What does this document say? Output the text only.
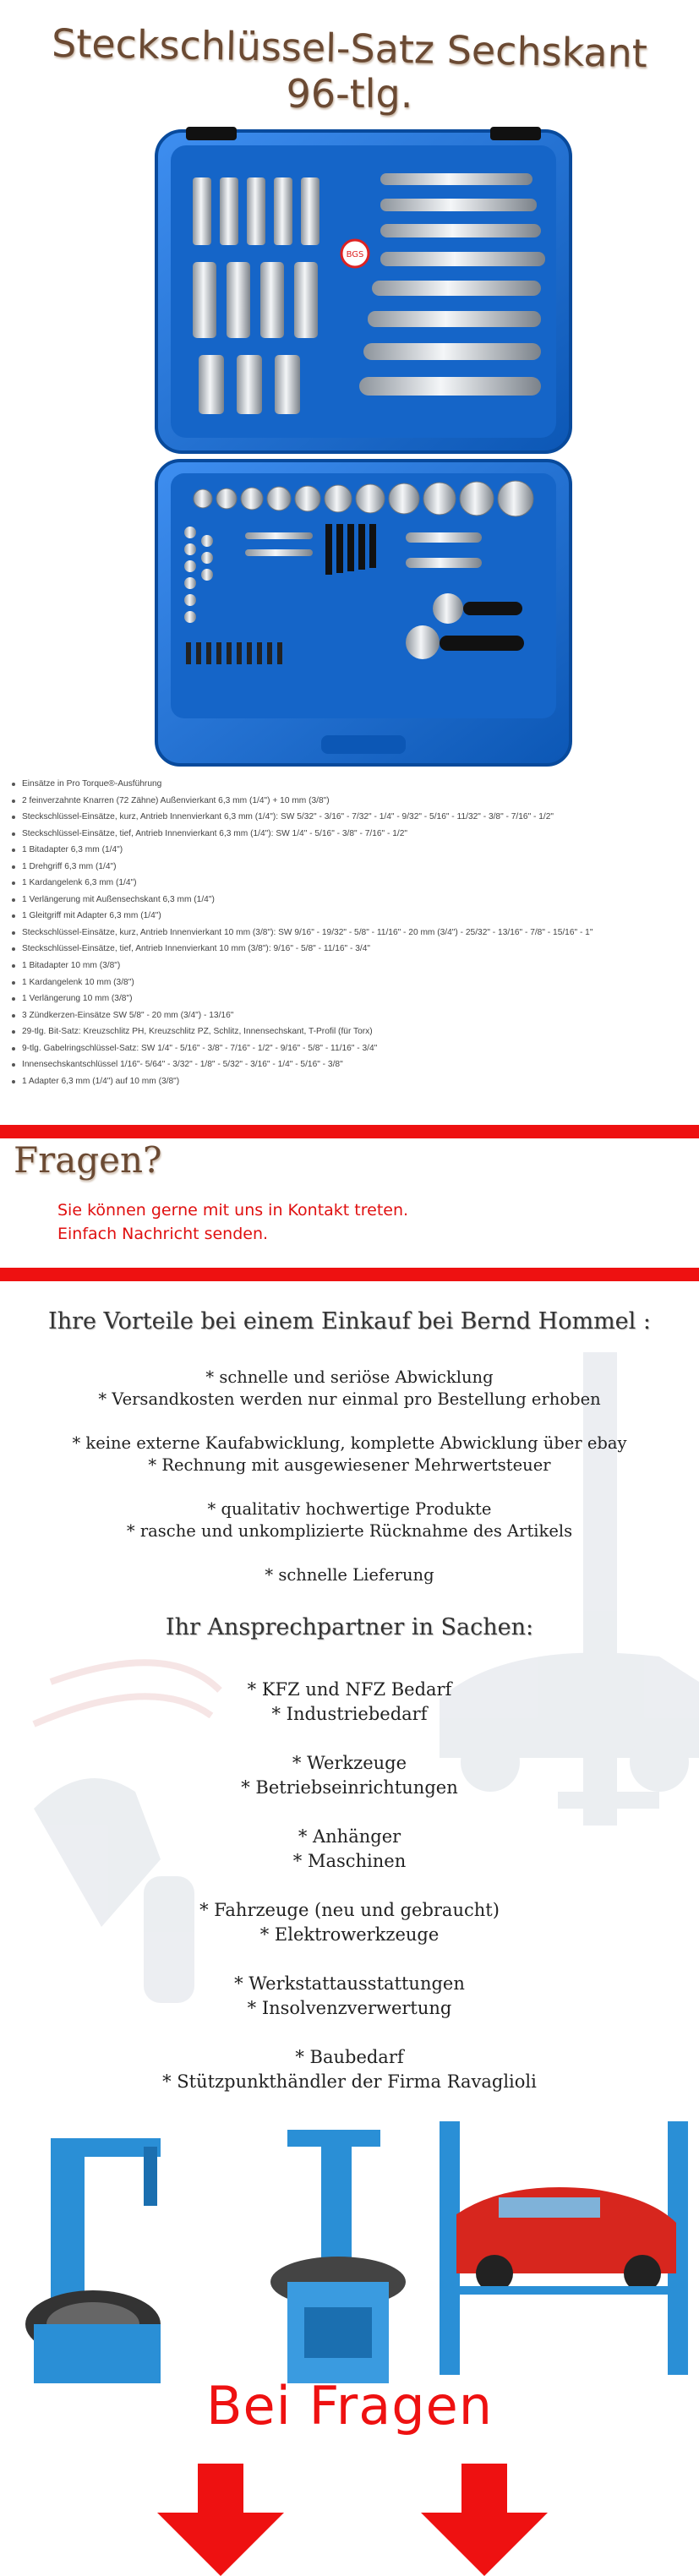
Steckschlüssel-Satz Sechskant
96-tlg.
BGS
Einsätze in Pro Torque®-Ausführung
2 feinverzahnte Knarren (72 Zähne) Außenvierkant 6,3 mm (1/4") + 10 mm (3/8")
Steckschlüssel-Einsätze, kurz, Antrieb Innenvierkant 6,3 mm (1/4"): SW 5/32" - 3/16" - 7/32" - 1/4" - 9/32" - 5/16" - 11/32" - 3/8" - 7/16" - 1/2"
Steckschlüssel-Einsätze, tief, Antrieb Innenvierkant 6,3 mm (1/4"): SW 1/4" - 5/16" - 3/8" - 7/16" - 1/2"
1 Bitadapter 6,3 mm (1/4")
1 Drehgriff 6,3 mm (1/4")
1 Kardangelenk 6,3 mm (1/4")
1 Verlängerung mit Außensechskant 6,3 mm (1/4")
1 Gleitgriff mit Adapter 6,3 mm (1/4")
Steckschlüssel-Einsätze, kurz, Antrieb Innenvierkant 10 mm (3/8"): SW 9/16" - 19/32" - 5/8" - 11/16" - 20 mm (3/4") - 25/32" - 13/16" - 7/8" - 15/16" - 1"
Steckschlüssel-Einsätze, tief, Antrieb Innenvierkant 10 mm (3/8"): 9/16" - 5/8" - 11/16" - 3/4"
1 Bitadapter 10 mm (3/8")
1 Kardangelenk 10 mm (3/8")
1 Verlängerung 10 mm (3/8")
3 Zündkerzen-Einsätze SW 5/8" - 20 mm (3/4") - 13/16"
29-tlg. Bit-Satz: Kreuzschlitz PH, Kreuzschlitz PZ, Schlitz, Innensechskant, T-Profil (für Torx)
9-tlg. Gabelringschlüssel-Satz: SW 1/4" - 5/16" - 3/8" - 7/16" - 1/2" - 9/16" - 5/8" - 11/16" - 3/4"
Innensechskantschlüssel 1/16"- 5/64" - 3/32" - 1/8" - 5/32" - 3/16" - 1/4" - 5/16" - 3/8"
1 Adapter 6,3 mm (1/4") auf 10 mm (3/8")
Fragen?
Sie können gerne mit uns in Kontakt treten.
Einfach Nachricht senden.
Ihre Vorteile bei einem Einkauf bei Bernd Hommel :
* schnelle und seriöse Abwicklung
* Versandkosten werden nur einmal pro Bestellung erhoben
* keine externe Kaufabwicklung, komplette Abwicklung über ebay
* Rechnung mit ausgewiesener Mehrwertsteuer
* qualitativ hochwertige Produkte
* rasche und unkomplizierte Rücknahme des Artikels
* schnelle Lieferung
Ihr Ansprechpartner in Sachen:
* KFZ und NFZ Bedarf
* Industriebedarf
* Werkzeuge
* Betriebseinrichtungen
* Anhänger
* Maschinen
* Fahrzeuge (neu und gebraucht)
* Elektrowerkzeuge
* Werkstattausstattungen
* Insolvenzverwertung
* Baubedarf
* Stützpunkthändler der Firma Ravaglioli
Bei Fragen
